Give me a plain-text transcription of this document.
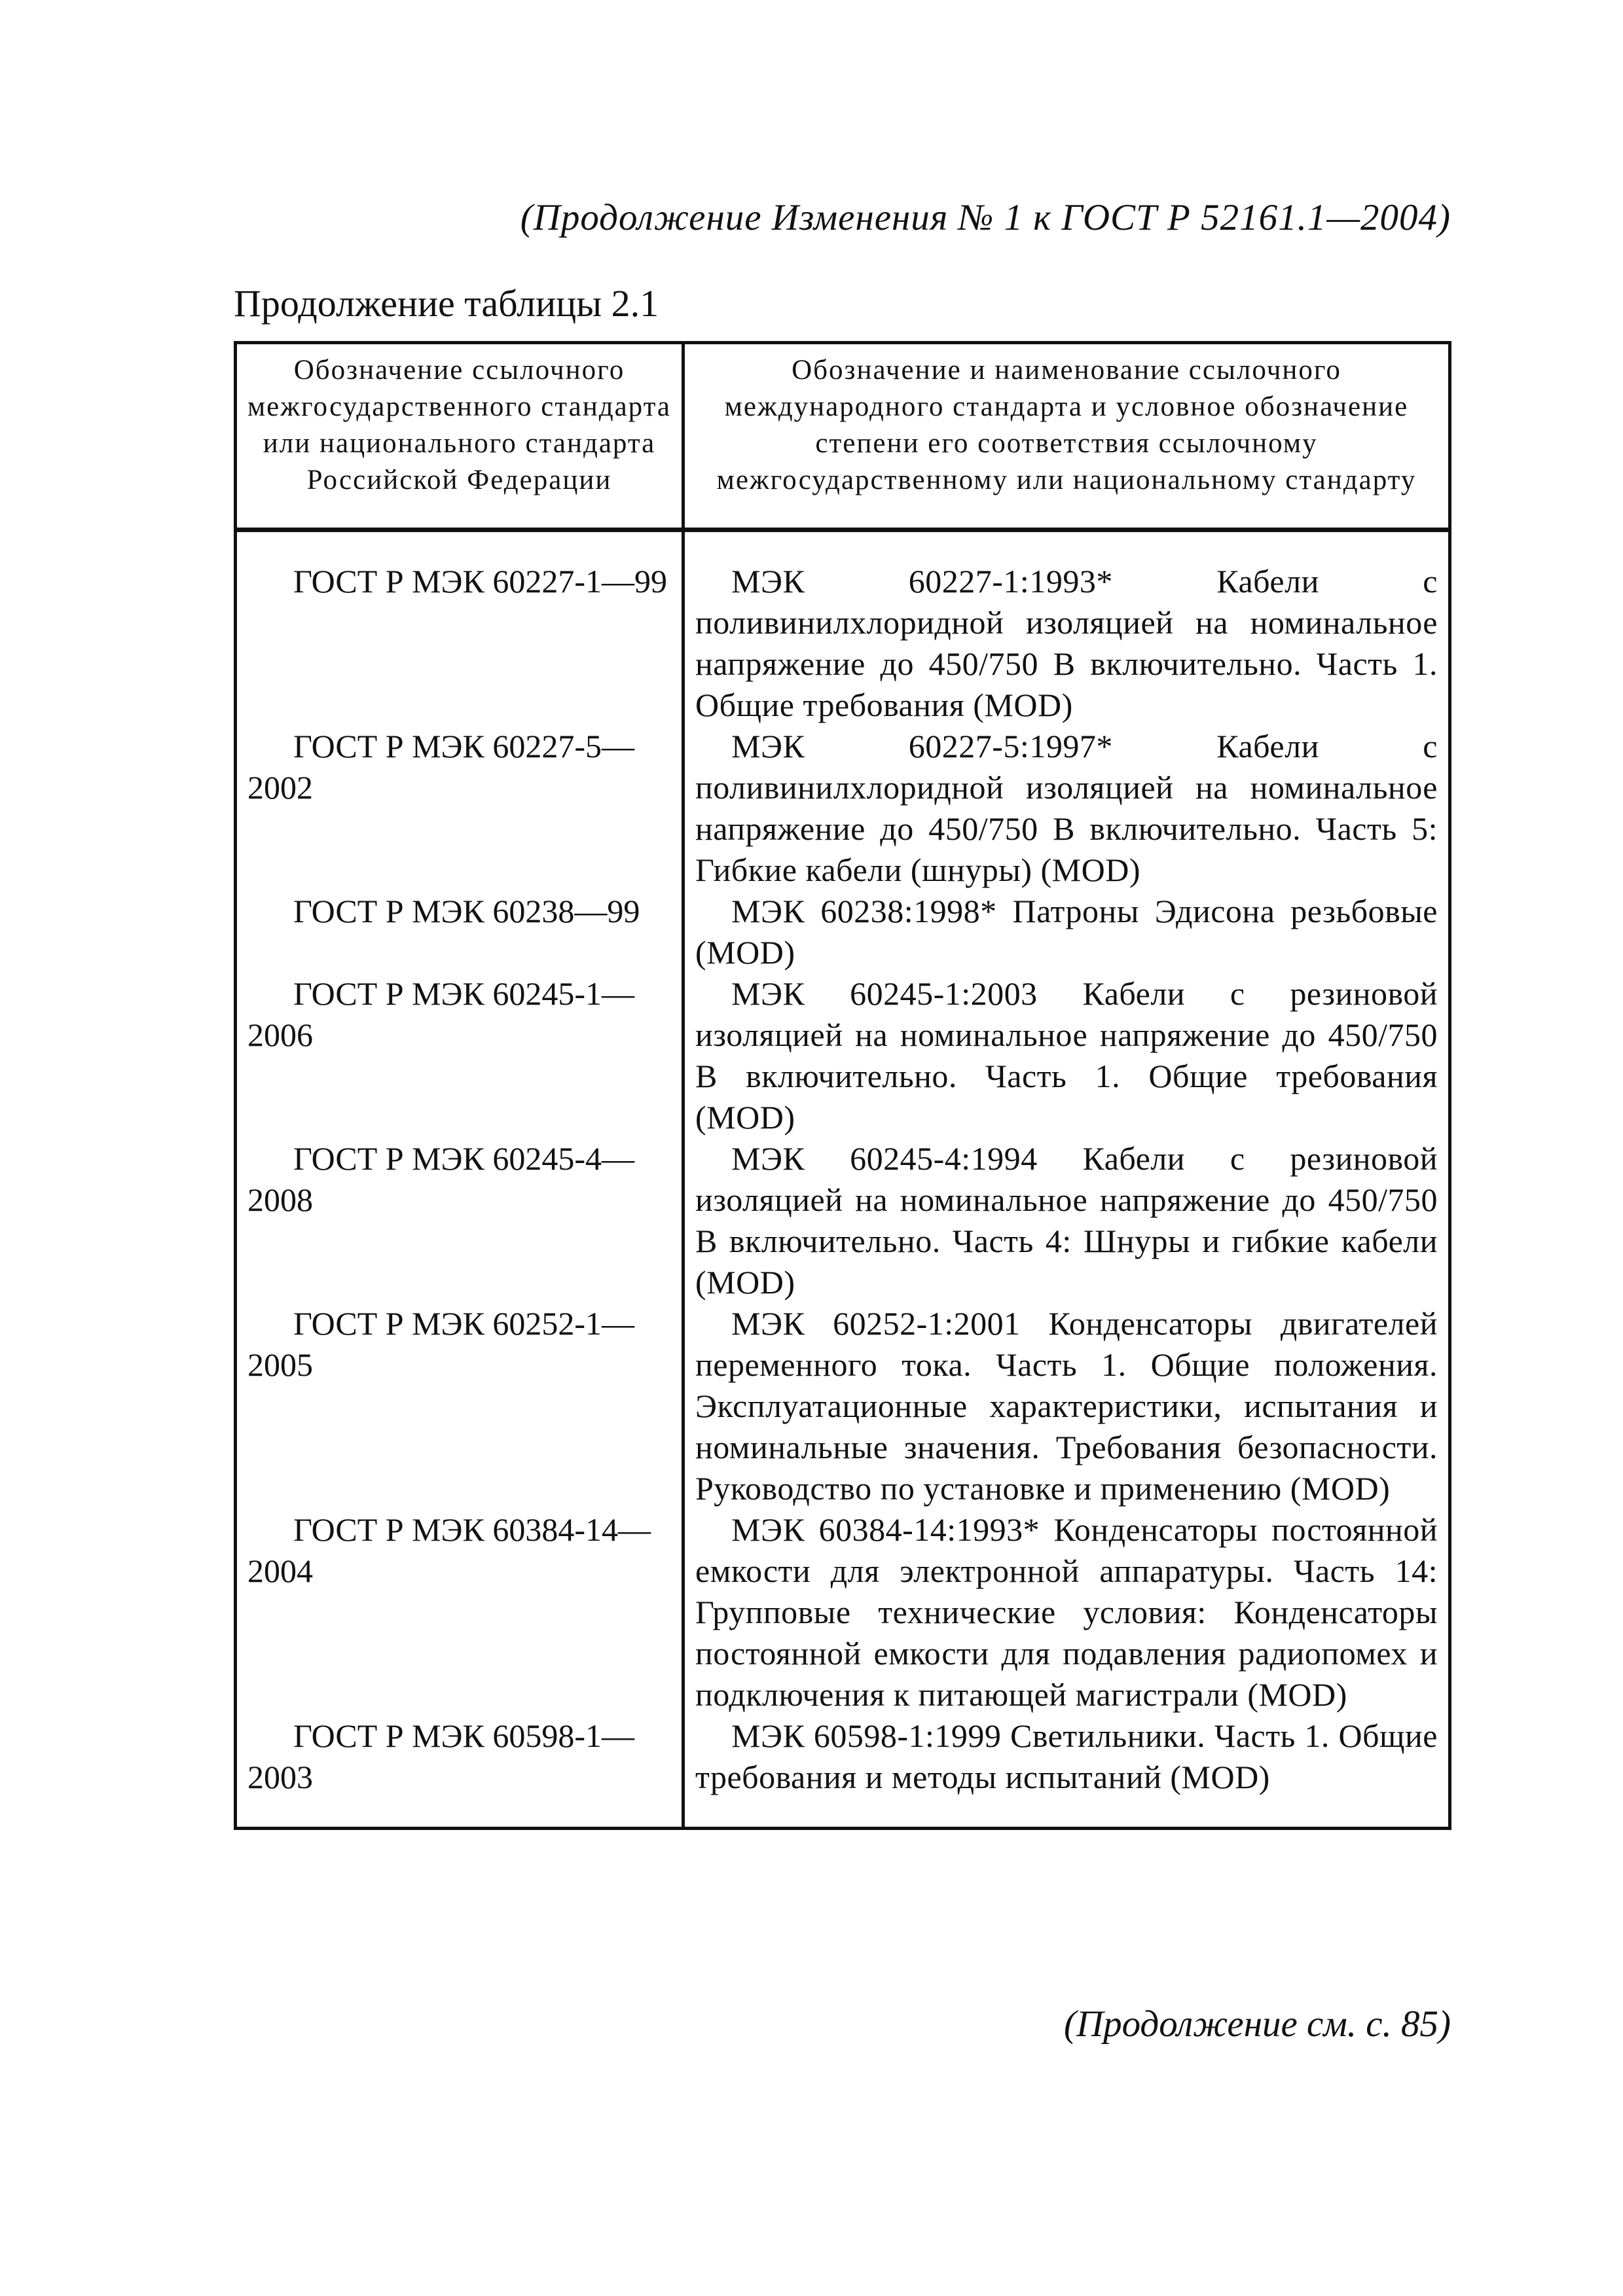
(Продолжение Изменения № 1 к ГОСТ Р 52161.1—2004)
Продолжение таблицы 2.1
Обозначение ссылочного межгосударственного стандарта или национального стандарта Российской Федерации	Обозначение и наименование ссылочного международного стандарта и условное обозначение степени его соответствия ссылочному межгосударственному или национальному стандарту
ГОСТ Р МЭК 60227-1—99	МЭК 60227-1:1993* Кабели с поливинилхлоридной изоляцией на номинальное напряжение до 450/750 В включительно. Часть 1. Общие требования (MOD)
ГОСТ Р МЭК 60227-5—2002	МЭК 60227-5:1997* Кабели с поливинилхлоридной изоляцией на номинальное напряжение до 450/750 В включительно. Часть 5: Гибкие кабели (шнуры) (MOD)
ГОСТ Р МЭК 60238—99	МЭК 60238:1998* Патроны Эдисона резьбовые (MOD)
ГОСТ Р МЭК 60245-1—2006	МЭК 60245-1:2003 Кабели с резиновой изоляцией на номинальное напряжение до 450/750 В включительно. Часть 1. Общие требования (MOD)
ГОСТ Р МЭК 60245-4—2008	МЭК 60245-4:1994 Кабели с резиновой изоляцией на номинальное напряжение до 450/750 В включительно. Часть 4: Шнуры и гибкие кабели (MOD)
ГОСТ Р МЭК 60252-1—2005	МЭК 60252-1:2001 Конденсаторы двигателей переменного тока. Часть 1. Общие положения. Эксплуатационные характеристики, испытания и номинальные значения. Требования безопасности. Руководство по установке и применению (MOD)
ГОСТ Р МЭК 60384-14—2004	МЭК 60384-14:1993* Конденсаторы постоянной емкости для электронной аппаратуры. Часть 14: Групповые технические условия: Конденсаторы постоянной емкости для подавления радиопомех и подключения к питающей магистрали (MOD)
ГОСТ Р МЭК 60598-1—2003	МЭК 60598-1:1999 Светильники. Часть 1. Общие требования и методы испытаний (MOD)
(Продолжение см. с. 85)
